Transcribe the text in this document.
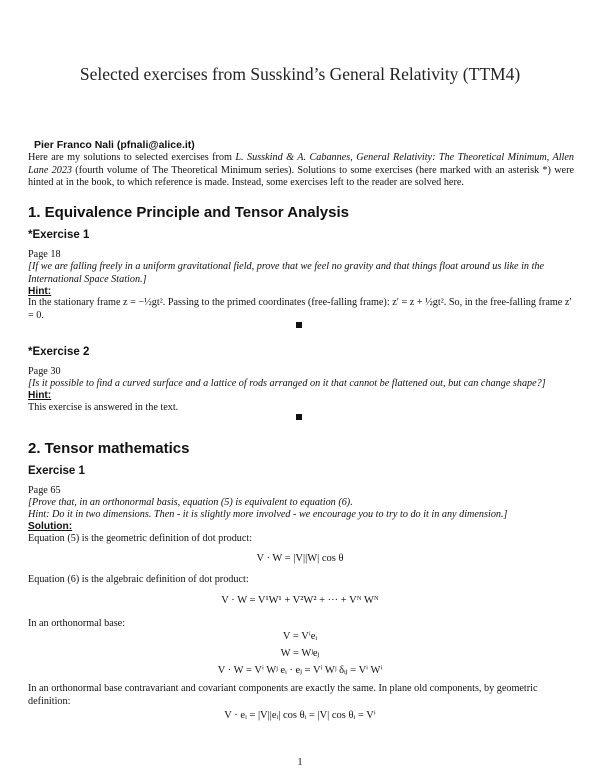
Selected exercises from Susskind’s General Relativity (TTM4)
Pier Franco Nali (pfnali@alice.it)
Here are my solutions to selected exercises from L. Susskind & A. Cabannes, General Relativity: The Theoretical Minimum, Allen Lane 2023 (fourth volume of The Theoretical Minimum series). Solutions to some exercises (here marked with an asterisk *) were hinted at in the book, to which reference is made. Instead, some exercises left to the reader are solved here.
1. Equivalence Principle and Tensor Analysis
*Exercise 1
Page 18
[If we are falling freely in a uniform gravitational field, prove that we feel no gravity and that things float around us like in the International Space Station.]
Hint:
In the stationary frame z = −½gt². Passing to the primed coordinates (free-falling frame): z′ = z + ½gt². So, in the free-falling frame z′ = 0.
*Exercise 2
Page 30
[Is it possible to find a curved surface and a lattice of rods arranged on it that cannot be flattened out, but can change shape?]
Hint:
This exercise is answered in the text.
2. Tensor mathematics
Exercise 1
Page 65
[Prove that, in an orthonormal basis, equation (5) is equivalent to equation (6).
Hint: Do it in two dimensions. Then - it is slightly more involved - we encourage you to try to do it in any dimension.]
Solution:
Equation (5) is the geometric definition of dot product:
V · W = |V||W| cos θ
Equation (6) is the algebraic definition of dot product:
V · W = V¹W¹ + V²W² + ··· + Vᴺ Wᴺ
In an orthonormal base:
V = Vⁱeᵢ
W = Wʲeⱼ
V · W = Vⁱ Wʲ eᵢ · eⱼ = Vⁱ Wʲ δᵢⱼ = Vⁱ Wⁱ
In an orthonormal base contravariant and covariant components are exactly the same. In plane old components, by geometric definition:
V · eᵢ = |V||eᵢ| cos θᵢ = |V| cos θᵢ = Vⁱ
1
